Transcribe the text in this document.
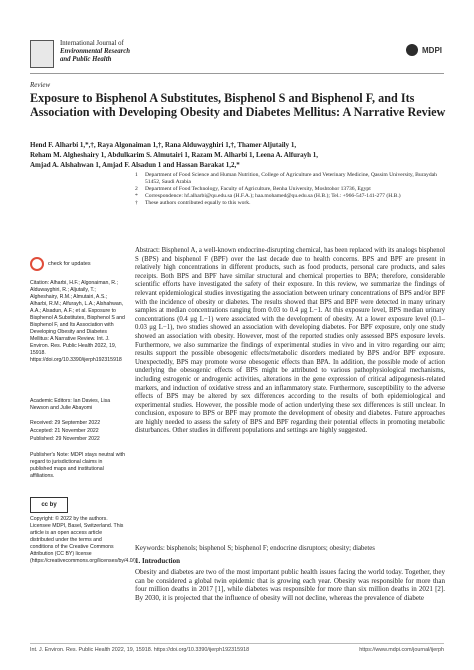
International Journal of
Environmental Research
and Public Health
MDPI
Review
Exposure to Bisphenol A Substitutes, Bisphenol S and Bisphenol F, and Its Association with Developing Obesity and Diabetes Mellitus: A Narrative Review
Hend F. Alharbi 1,*,†, Raya Algonaiman 1,†, Rana Alduwayghiri 1,†, Thamer Aljutaily 1,
Reham M. Algheshairy 1, Abdulkarim S. Almutairi 1, Razam M. Alharbi 1, Leena A. Alfurayh 1,
Amjad A. Alshahwan 1, Amjad F. Alsadun 1 and Hassan Barakat 1,2,*
1	Department of Food Science and Human Nutrition, College of Agriculture and Veterinary Medicine, Qassim University, Buraydah 51452, Saudi Arabia
2	Department of Food Technology, Faculty of Agriculture, Benha University, Moshtohor 13736, Egypt
*	Correspondence: hf.alharbi@qu.edu.sa (H.F.A.); haa.mohamed@qu.edu.sa (H.B.); Tel.: +966-547-141-277 (H.B.)
†	These authors contributed equally to this work.
check for updates
Citation: Alharbi, H.F.; Algonaiman, R.; Alduwayghiri, R.; Aljutaily, T.; Algheshairy, R.M.; Almutairi, A.S.; Alharbi, R.M.; Alfurayh, L.A.; Alshahwan, A.A.; Alsadun, A.F.; et al. Exposure to Bisphenol A Substitutes, Bisphenol S and Bisphenol F, and Its Association with Developing Obesity and Diabetes Mellitus: A Narrative Review. Int. J. Environ. Res. Public Health 2022, 19, 15918. https://doi.org/10.3390/ijerph192315918
Academic Editors: Ian Davies, Lisa Newson and Julie Abayomi
Received: 29 September 2022
Accepted: 21 November 2022
Published: 29 November 2022
Publisher's Note: MDPI stays neutral with regard to jurisdictional claims in published maps and institutional affiliations.
cc by
Copyright: © 2022 by the authors. Licensee MDPI, Basel, Switzerland. This article is an open access article distributed under the terms and conditions of the Creative Commons Attribution (CC BY) license (https://creativecommons.org/licenses/by/4.0/).
Abstract: Bisphenol A, a well-known endocrine-disrupting chemical, has been replaced with its analogs bisphenol S (BPS) and bisphenol F (BPF) over the last decade due to health concerns. BPS and BPF are present in relatively high concentrations in different products, such as food products, personal care products, and sales receipts. Both BPS and BPF have similar structural and chemical properties to BPA; therefore, considerable scientific efforts have investigated the safety of their exposure. In this review, we summarize the findings of relevant epidemiological studies investigating the association between urinary concentrations of BPS and/or BPF with the incidence of obesity or diabetes. The results showed that BPS and BPF were detected in many urinary samples at median concentrations ranging from 0.03 to 0.4 μg L−1. At this exposure level, BPS median urinary concentrations (0.4 μg L−1) were associated with the development of obesity. At a lower exposure level (0.1–0.03 μg L−1), two studies showed an association with developing diabetes. For BPF exposure, only one study showed an association with obesity. However, most of the reported studies only assessed BPS exposure levels. Furthermore, we also summarize the findings of experimental studies in vivo and in vitro regarding our aim; results support the possible obesogenic effects/metabolic disorders mediated by BPS and/or BPF exposure. Unexpectedly, BPS may promote worse obesogenic effects than BPA. In addition, the possible mode of action underlying the obesogenic effects of BPS might be attributed to various pathophysiological mechanisms, including estrogenic or androgenic activities, alterations in the gene expression of critical adipogenesis-related markers, and induction of oxidative stress and an inflammatory state. Furthermore, susceptibility to the adverse effects of BPS may be altered by sex differences according to the results of both epidemiological and experimental studies. However, the possible mode of action underlying these sex differences is still unclear. In conclusion, exposure to BPS or BPF may promote the development of obesity and diabetes. Future approaches are highly needed to assess the safety of BPS and BPF regarding their potential effects in promoting metabolic disturbances. Other studies in different populations and settings are highly suggested.
Keywords: bisphenols; bisphenol S; bisphenol F; endocrine disruptors; obesity; diabetes
1. Introduction
Obesity and diabetes are two of the most important public health issues facing the world today. Together, they can be considered a global twin epidemic that is growing each year. Obesity was responsible for more than four million deaths in 2017 [1], while diabetes was responsible for more than six million deaths in 2021 [2]. By 2030, it is projected that the influence of obesity will not decline, whereas the prevalence of diabete
Int. J. Environ. Res. Public Health 2022, 19, 15918. https://doi.org/10.3390/ijerph192315918	https://www.mdpi.com/journal/ijerph
